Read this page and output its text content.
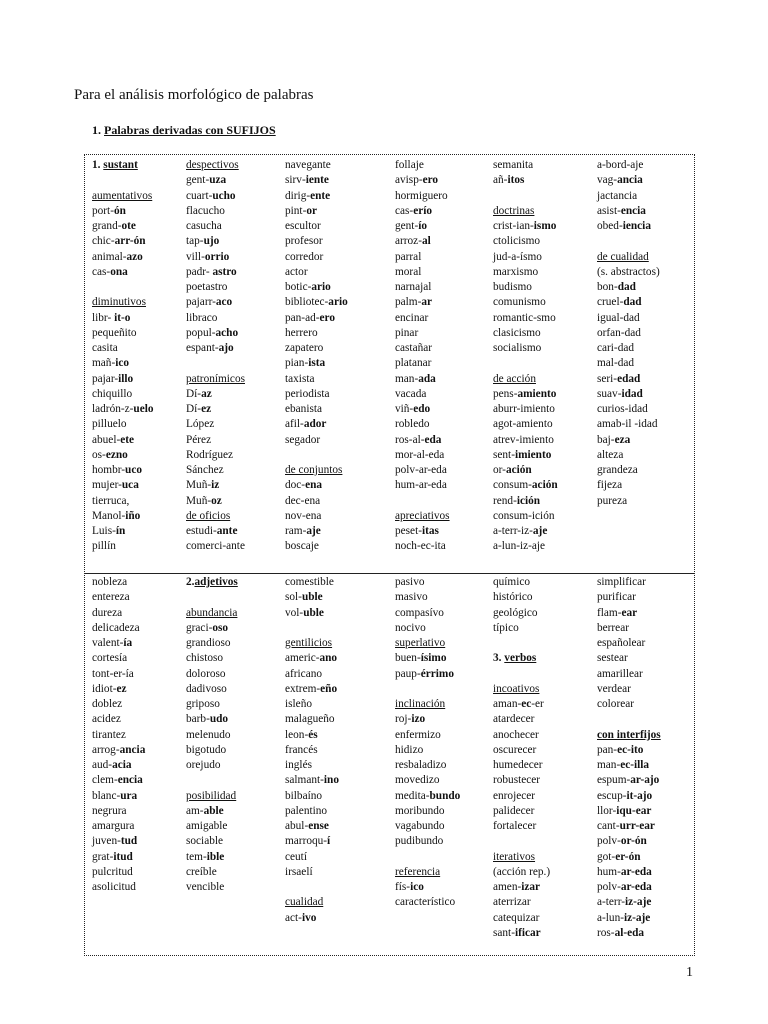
Para el análisis morfológico de palabras
1. Palabras derivadas con SUFIJOS
1. sustant

aumentativos
port-ón
grand-ote
chic-arr-ón
animal-azo
cas-ona

diminutivos
libr- it-o
pequeñito
casita
mañ-ico
pajar-illo
chiquillo
ladrón-z-uelo
pilluelo
abuel-ete
os-ezno
hombr-uco
mujer-uca
tierruca,
Manol-iño
Luis-ín
pillín
despectivos
gent-uza
cuart-ucho
flacucho
casucha
tap-ujo
vill-orrio
padr- astro
poetastro
pajarr-aco
libraco
popul-acho
espant-ajo

patronímicos
Dí-az
Dí-ez
López
Pérez
Rodríguez
Sánchez
Muñ-iz
Muñ-oz
de oficios
estudi-ante
comerci-ante
navegante
sirv-iente
dirig-ente
pint-or
escultor
profesor
corredor
actor
botic-ario
bibliotec-ario
pan-ad-ero
herrero
zapatero
pian-ista
taxista
periodista
ebanista
afil-ador
segador

de conjuntos
doc-ena
dec-ena
nov-ena
ram-aje
boscaje
follaje
avisp-ero
hormiguero
cas-erío
gent-ío
arroz-al
parral
moral
narnajal
palm-ar
encinar
pinar
castañar
platanar
man-ada
vacada
viñ-edo
robledo
ros-al-eda
mor-al-eda
polv-ar-eda
hum-ar-eda

apreciativos
peset-itas
noch-ec-ita
semanita
añ-itos

doctrinas
crist-ian-ismo
ctolicismo
jud-a-ísmo
marxismo
budismo
comunismo
romantic-smo
clasicismo
socialismo

de acción
pens-amiento
aburr-imiento
agot-amiento
atrev-imiento
sent-imiento
or-ación
consum-ación
rend-ición
consum-ición
a-terr-iz-aje
a-lun-iz-aje
a-bord-aje
vag-ancia
jactancia
asist-encia
obed-iencia

de cualidad
(s. abstractos)
bon-dad
cruel-dad
igual-dad
orfan-dad
cari-dad
mal-dad
seri-edad
suav-idad
curios-idad
amab-il -idad
baj-eza
alteza
grandeza
fijeza
pureza
nobleza
entereza
dureza
delicadeza
valent-ía
cortesía
tont-er-ía
idiot-ez
doblez
acidez
tirantez
arrog-ancia
aud-acia
clem-encia
blanc-ura
negrura
amargura
juven-tud
grat-itud
pulcritud
asolicitud
2.adjetivos

abundancia
graci-oso
grandioso
chistoso
doloroso
dadivoso
griposo
barb-udo
melenudo
bigotudo
orejudo

posibilidad
am-able
amigable
sociable
tem-ible
creíble
vencible
comestible
sol-uble
vol-uble

gentilicios
americ-ano
africano
extrem-eño
isleño
malagueño
leon-és
francés
inglés
salmant-ino
bilbaíno
palentino
abul-ense
marroqu-í
ceutí
irsaelí

cualidad
act-ivo
pasivo
masivo
compasívo
nocivo
superlativo
buen-ísimo
paup-érrimo

inclinación
roj-izo
enfermizo
hidizo
resbaladizo
movedizo
medita-bundo
moribundo
vagabundo
pudibundo

referencia
fís-ico
característico
químico
histórico
geológico
típico

3. verbos

incoativos
aman-ec-er
atardecer
anochecer
oscurecer
humedecer
robustecer
enrojecer
palidecer
fortalecer

iterativos
(acción rep.)
amen-izar
aterrizar
catequizar
sant-ificar
simplificar
purificar
flam-ear
berrear
españolear
sestear
amarillear
verdear
colorear

con interfijos
pan-ec-ito
man-ec-illa
espum-ar-ajo
escup-it-ajo
llor-iqu-ear
cant-urr-ear
polv-or-ón
got-er-ón
hum-ar-eda
polv-ar-eda
a-terr-iz-aje
a-lun-iz-aje
ros-al-eda
1
